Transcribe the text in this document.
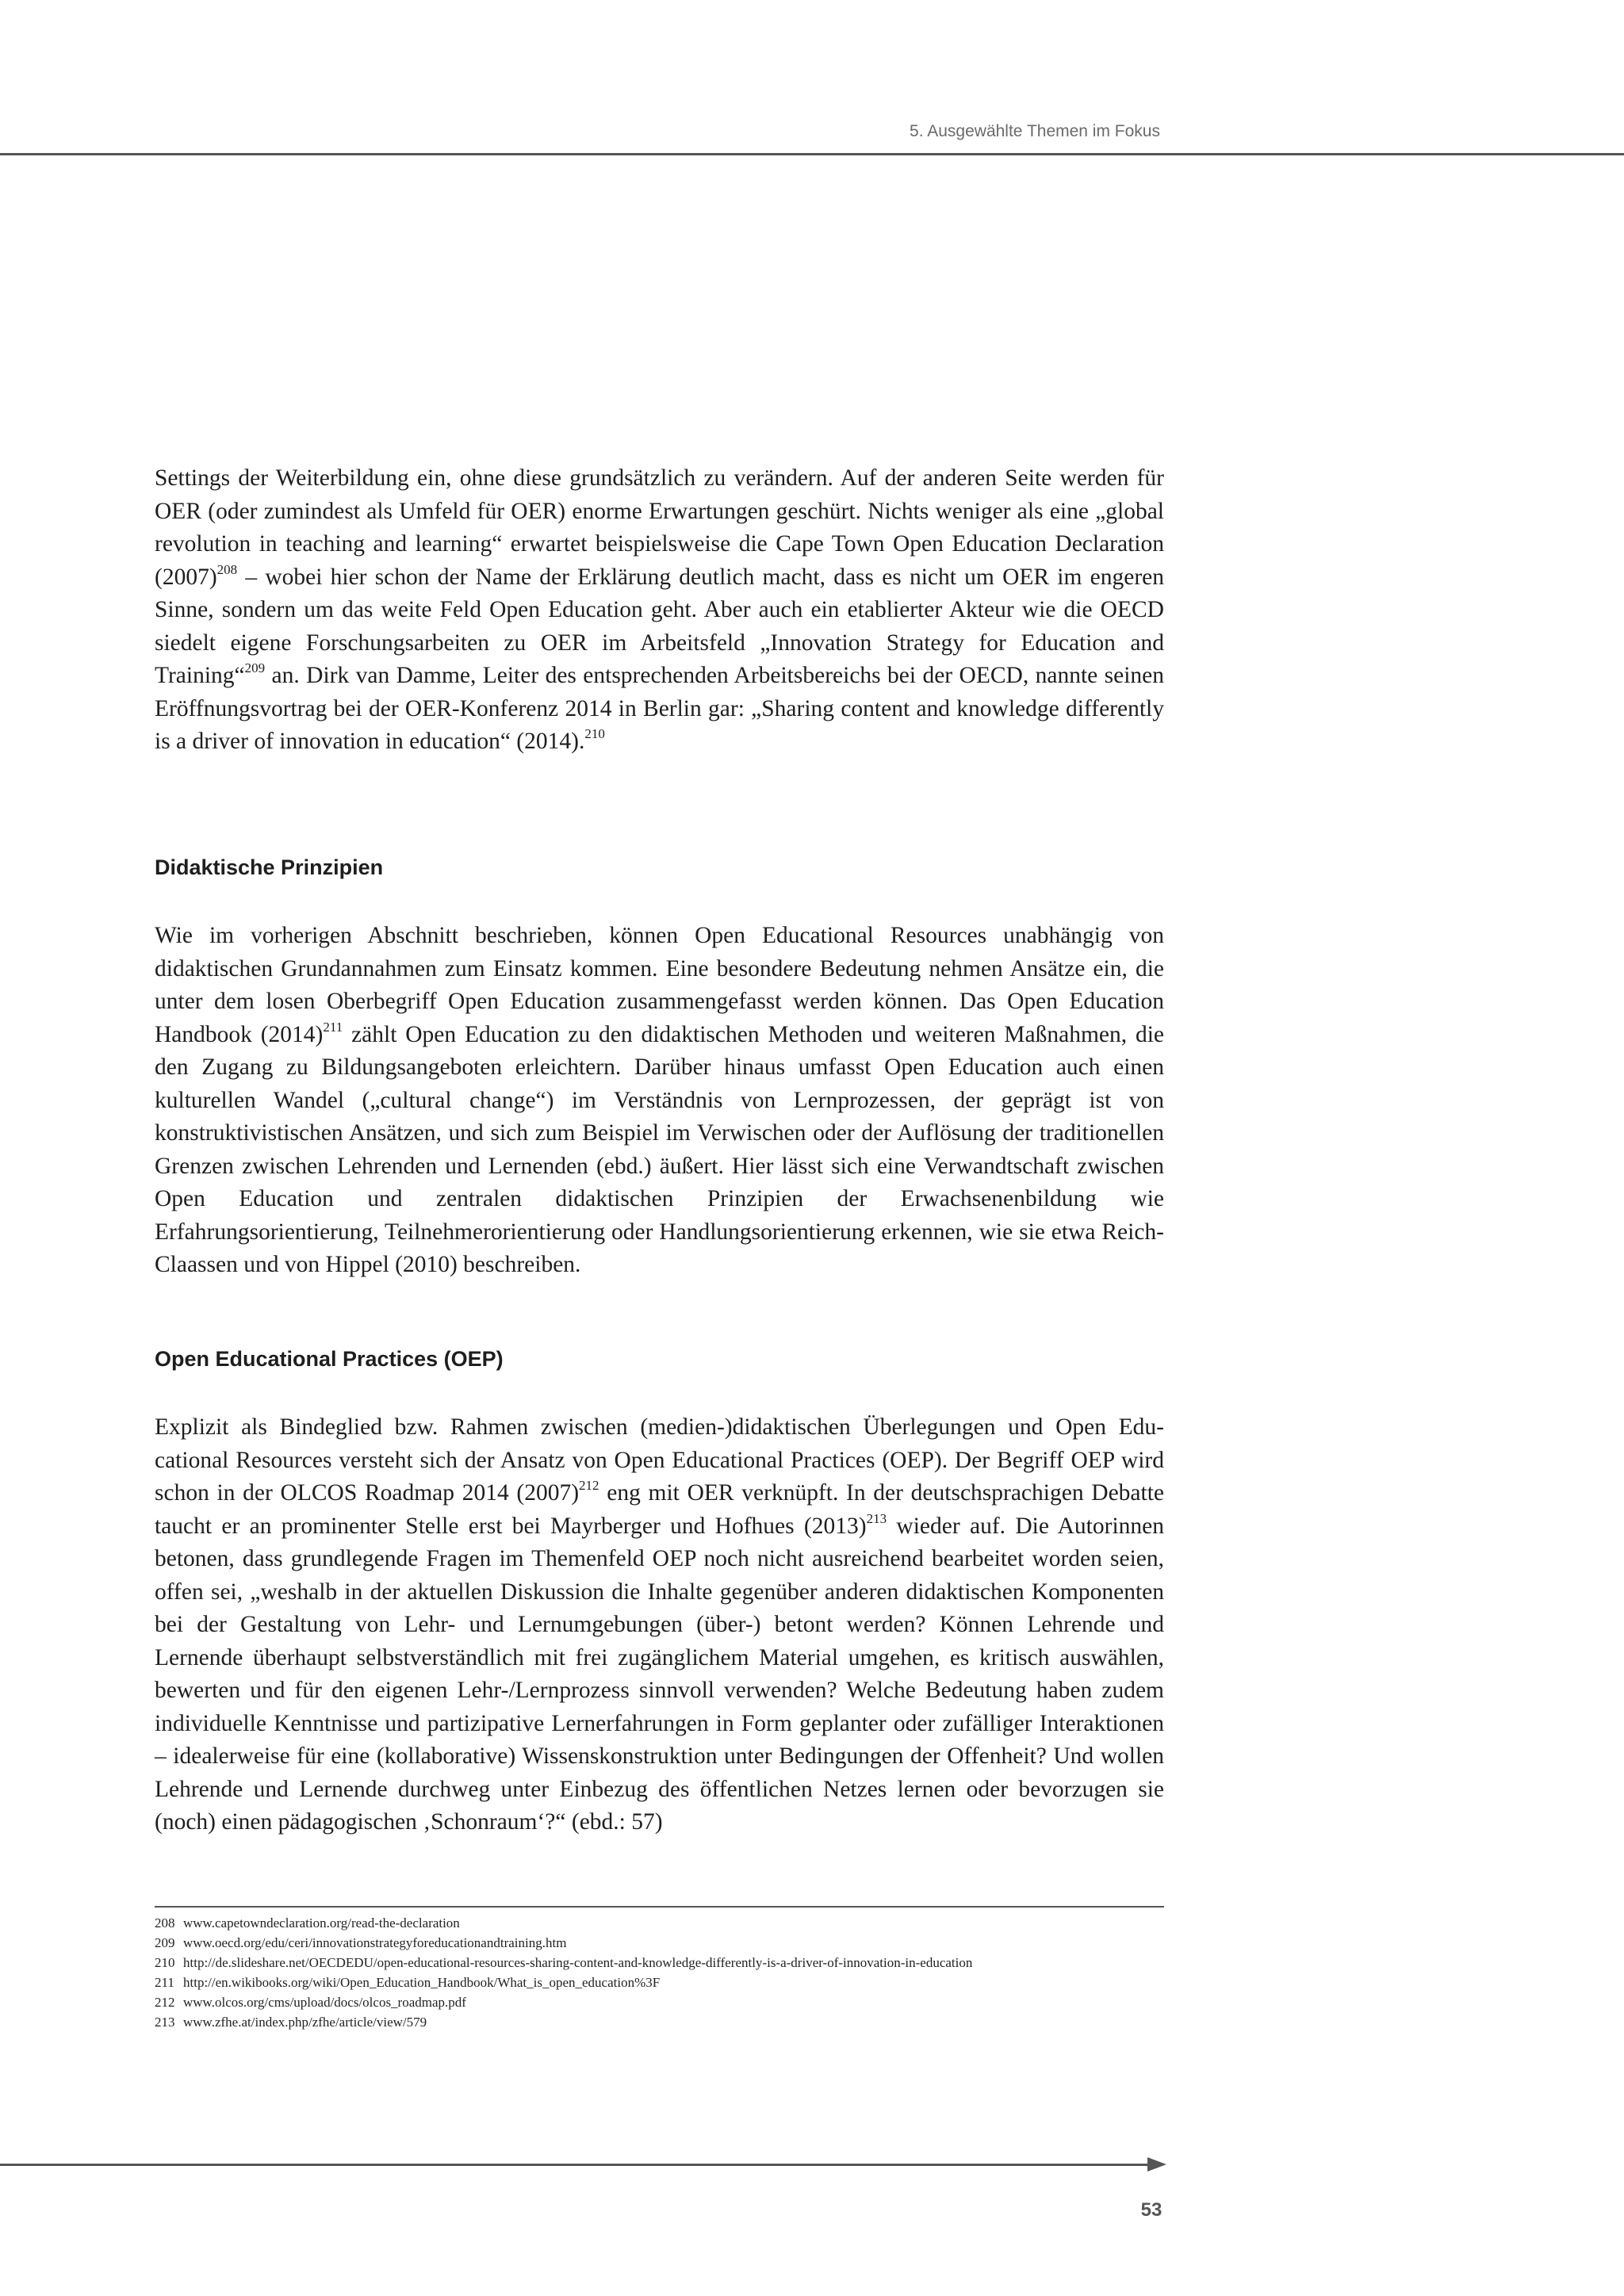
5. Ausgewählte Themen im Fokus

Settings der Weiterbildung ein, ohne diese grundsätzlich zu verändern. Auf der anderen Seite werden für OER (oder zumindest als Umfeld für OER) enorme Erwartungen geschürt. Nichts weniger als eine „global revolution in teaching and learning“ erwartet beispielsweise die Cape Town Open Education Declaration $(2007)^{208}$ – wobei hier schon der Name der Erklärung deutlich macht, dass es nicht um OER im engeren Sinne, sondern um das weite Feld Open Education geht. Aber auch ein etablierter Akteur wie die OECD siedelt eigene Forschungsarbeiten zu OER im Arbeitsfeld „Innovation Strategy for Education and Training“$^{209}$ an. Dirk van Damme, Leiter des entsprechenden Arbeitsbereichs bei der OECD, nannte seinen Eröffnungsvortrag bei der OER-Konferenz 2014 in Berlin gar: „Sharing content and knowledge differently is a driver of innovation in education“ (2014).$^{210}$

Didaktische Prinzipien

Wie im vorherigen Abschnitt beschrieben, können Open Educational Resources unabhängig von didaktischen Grundannahmen zum Einsatz kommen. Eine besondere Bedeutung nehmen Ansätze ein, die unter dem losen Oberbegriff Open Education zusammengefasst werden können. Das Open Education Handbook $(2014)^{211}$ zählt Open Education zu den didaktischen Methoden und weiteren Maßnahmen, die den Zugang zu Bildungsangeboten erleichtern. Darüber hinaus umfasst Open Education auch einen kulturellen Wandel („cultural change“) im Verständnis von Lernprozessen, der geprägt ist von konstruktivistischen Ansätzen, und sich zum Beispiel im Verwischen oder der Auflösung der traditionellen Grenzen zwischen Lehrenden und Lernenden (ebd.) äußert. Hier lässt sich eine Verwandtschaft zwischen Open Education und zentralen didaktischen Prinzipien der Erwachsenenbildung wie Erfahrungsorientierung, Teilnehmerorientierung oder Handlungsorientierung erkennen, wie sie etwa Reich-Claassen und von Hippel (2010) beschreiben.

Open Educational Practices (OEP)

Explizit als Bindeglied bzw. Rahmen zwischen (medien-)didaktischen Überlegungen und Open Educational Resources versteht sich der Ansatz von Open Educational Practices (OEP). Der Begriff OEP wird schon in der OLCOS Roadmap 2014 $(2007)^{212}$ eng mit OER verknüpft. In der deutschsprachigen Debatte taucht er an prominenter Stelle erst bei Mayrberger und Hofhues $(2013)^{213}$ wieder auf. Die Autorinnen betonen, dass grundlegende Fragen im Themenfeld OEP noch nicht ausreichend bearbeitet worden seien, offen sei, „weshalb in der aktuellen Diskussion die Inhalte gegenüber anderen didaktischen Komponenten bei der Gestaltung von Lehr- und Lernumgebungen (über-) betont werden? Können Lehrende und Lernende überhaupt selbstverständlich mit frei zugänglichem Material umgehen, es kritisch auswählen, bewerten und für den eigenen Lehr-/Lernprozess sinnvoll verwenden? Welche Bedeutung haben zudem individuelle Kenntnisse und partizipative Lernerfahrungen in Form geplanter oder zufälliger Interaktionen – idealerweise für eine (kollaborative) Wissenskonstruktion unter Bedingungen der Offenheit? Und wollen Lehrende und Lernende durchweg unter Einbezug des öffentlichen Netzes lernen oder bevorzugen sie (noch) einen pädagogischen ‚Schonraum‘?“ (ebd.: 57)

208 www.capetowndeclaration.org/read-the-declaration
209 www.oecd.org/edu/ceri/innovationstrategyforeducationandtraining.htm
210 http://de.slideshare.net/OECDEDU/open-educational-resources-sharing-content-and-knowledge-differently-is-a-driver-of-innovation-in-education
211 http://en.wikibooks.org/wiki/Open_Education_Handbook/What_is_open_education%3F
212 www.olcos.org/cms/upload/docs/olcos_roadmap.pdf
213 www.zfhe.at/index.php/zfhe/article/view/579
53
